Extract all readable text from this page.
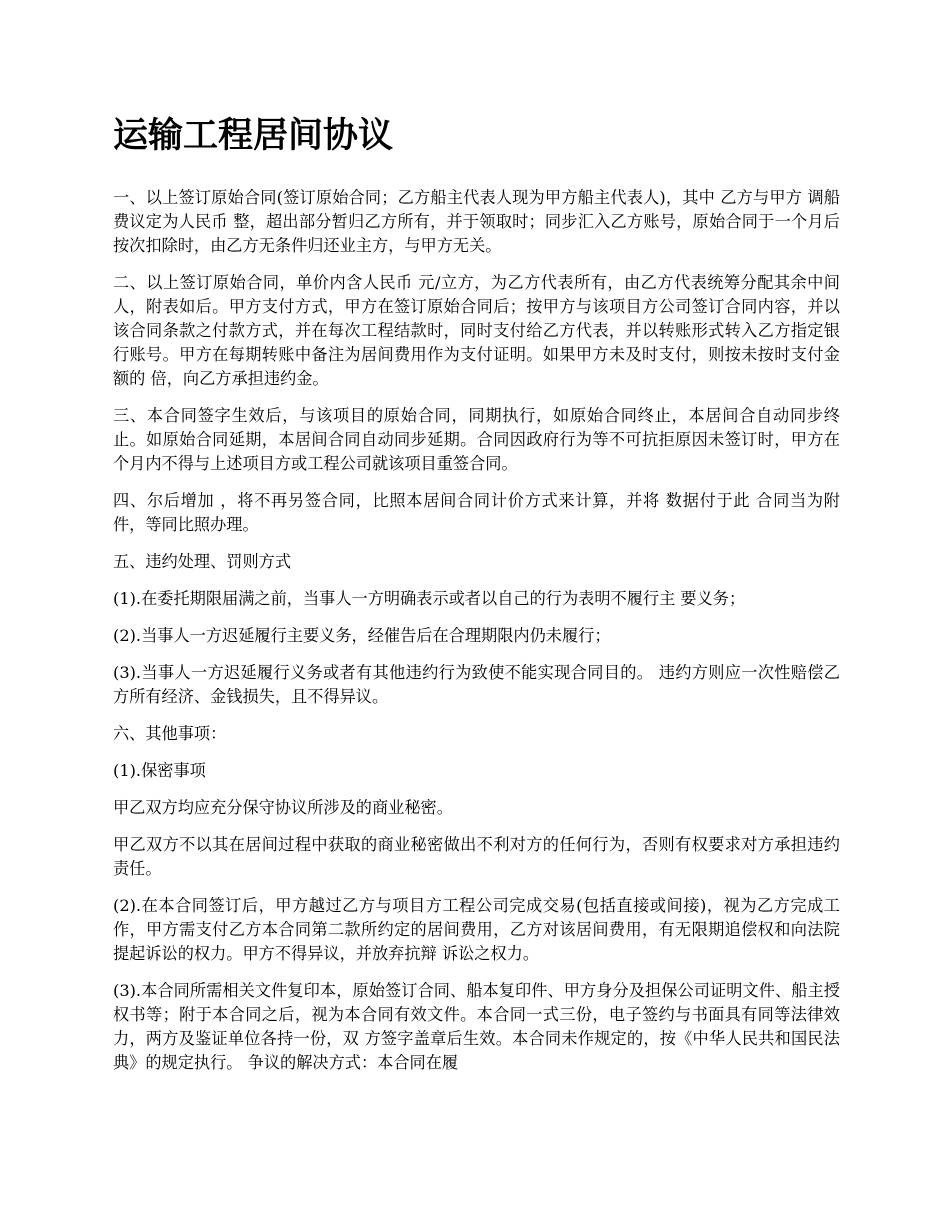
运输工程居间协议

一、以上签订原始合同(签订原始合同；乙方船主代表人现为甲方船主代表人)，其中 乙方与甲方 调船费议定为人民币 整，超出部分暂归乙方所有，并于领取时；同步汇入乙方账号，原始合同于一个月后按次扣除时，由乙方无条件归还业主方，与甲方无关。

二、以上签订原始合同，单价内含人民币 元/立方，为乙方代表所有，由乙方代表统筹分配其余中间人，附表如后。甲方支付方式，甲方在签订原始合同后；按甲方与该项目方公司签订合同内容，并以该合同条款之付款方式，并在每次工程结款时，同时支付给乙方代表，并以转账形式转入乙方指定银行账号。甲方在每期转账中备注为居间费用作为支付证明。如果甲方未及时支付，则按未按时支付金额的 倍，向乙方承担违约金。

三、本合同签字生效后，与该项目的原始合同，同期执行，如原始合同终止，本居间合自动同步终止。如原始合同延期，本居间合同自动同步延期。合同因政府行为等不可抗拒原因未签订时，甲方在 个月内不得与上述项目方或工程公司就该项目重签合同。

四、尔后增加 ，将不再另签合同，比照本居间合同计价方式来计算，并将 数据付于此 合同当为附件，等同比照办理。

五、违约处理、罚则方式

(1).在委托期限届满之前，当事人一方明确表示或者以自己的行为表明不履行主 要义务；

(2).当事人一方迟延履行主要义务，经催告后在合理期限内仍未履行；

(3).当事人一方迟延履行义务或者有其他违约行为致使不能实现合同目的。 违约方则应一次性赔偿乙方所有经济、金钱损失，且不得异议。

六、其他事项：

(1).保密事项

甲乙双方均应充分保守协议所涉及的商业秘密。

甲乙双方不以其在居间过程中获取的商业秘密做出不利对方的任何行为，否则有权要求对方承担违约责任。

(2).在本合同签订后，甲方越过乙方与项目方工程公司完成交易(包括直接或间接)，视为乙方完成工作，甲方需支付乙方本合同第二款所约定的居间费用，乙方对该居间费用，有无限期追偿权和向法院提起诉讼的权力。甲方不得异议，并放弃抗辩 诉讼之权力。

(3).本合同所需相关文件复印本，原始签订合同、船本复印件、甲方身分及担保公司证明文件、船主授权书等；附于本合同之后，视为本合同有效文件。本合同一式三份，电子签约与书面具有同等法律效力，两方及鉴证单位各持一份，双 方签字盖章后生效。本合同未作规定的，按《中华人民共和国民法典》的规定执行。 争议的解决方式：本合同在履
